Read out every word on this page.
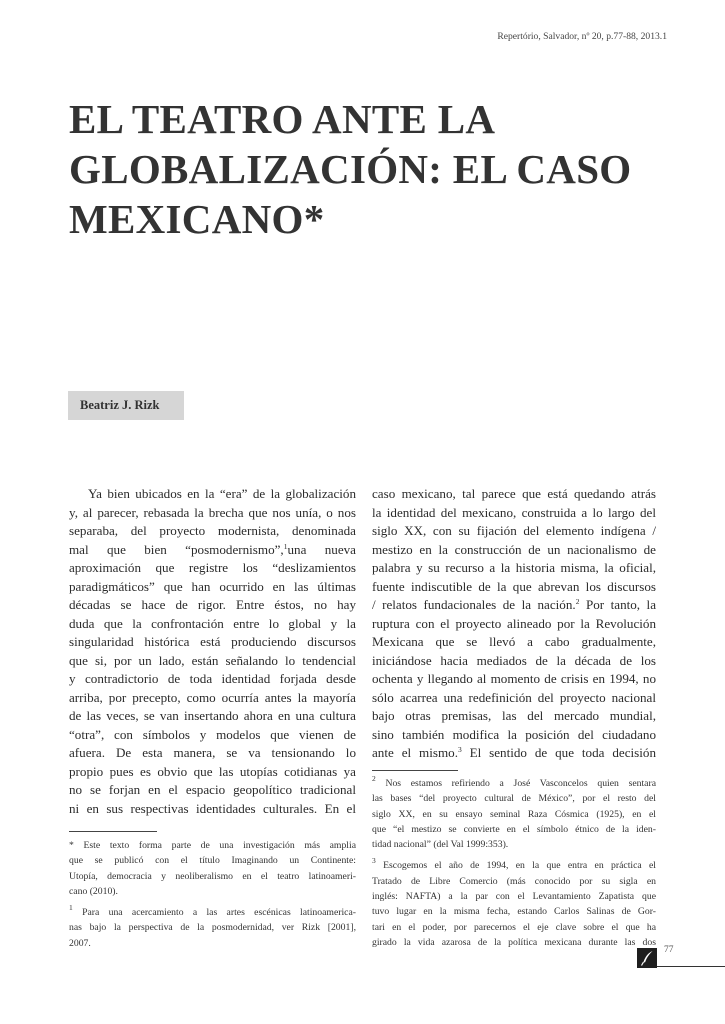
Repertório, Salvador, nº 20, p.77-88, 2013.1
EL TEATRO ANTE LA
GLOBALIZACIÓN: EL CASO
MEXICANO*
Beatriz J. Rizk
Ya bien ubicados en la “era” de la globalización
y, al parecer, rebasada la brecha que nos unía, o nos
separaba, del proyecto modernista, denominada
mal que bien “posmodernismo”,$^1$una nueva
aproximación que registre los “deslizamientos
paradigmáticos” que han ocurrido en las últimas
décadas se hace de rigor. Entre éstos, no hay
duda que la confrontación entre lo global y la
singularidad histórica está produciendo discursos
que si, por un lado, están señalando lo tendencial
y contradictorio de toda identidad forjada desde
arriba, por precepto, como ocurría antes la mayoría
de las veces, se van insertando ahora en una cultura
“otra”, con símbolos y modelos que vienen de
afuera. De esta manera, se va tensionando lo
propio pues es obvio que las utopías cotidianas ya
no se forjan en el espacio geopolítico tradicional
ni en sus respectivas identidades culturales. En el
caso mexicano, tal parece que está quedando atrás
la identidad del mexicano, construida a lo largo del
siglo XX, con su fijación del elemento indígena /
mestizo en la construcción de un nacionalismo de
palabra y su recurso a la historia misma, la oficial,
fuente indiscutible de la que abrevan los discursos
/ relatos fundacionales de la nación.$^2$ Por tanto, la
ruptura con el proyecto alineado por la Revolución
Mexicana que se llevó a cabo gradualmente,
iniciándose hacia mediados de la década de los
ochenta y llegando al momento de crisis en 1994, no
sólo acarrea una redefinición del proyecto nacional
bajo otras premisas, las del mercado mundial,
sino también modifica la posición del ciudadano
ante el mismo.$^3$ El sentido de que toda decisión
* Este texto forma parte de una investigación más amplia
que se publicó con el título Imaginando un Continente:
Utopía, democracia y neoliberalismo en el teatro latinoameri-
cano (2010).
$^1$ Para una acercamiento a las artes escénicas latinoamerica-
nas bajo la perspectiva de la posmodernidad, ver Rizk [2001],
2007.
$^2$ Nos estamos refiriendo a José Vasconcelos quien sentara
las bases “del proyecto cultural de México”, por el resto del
siglo XX, en su ensayo seminal Raza Cósmica (1925), en el
que “el mestizo se convierte en el símbolo étnico de la iden-
tidad nacional” (del Val 1999:353).
$^3$ Escogemos el año de 1994, en la que entra en práctica el
Tratado de Libre Comercio (más conocido por su sigla en
inglés: NAFTA) a la par con el Levantamiento Zapatista que
tuvo lugar en la misma fecha, estando Carlos Salinas de Gor-
tari en el poder, por parecernos el eje clave sobre el que ha
girado la vida azarosa de la política mexicana durante las dos
77
